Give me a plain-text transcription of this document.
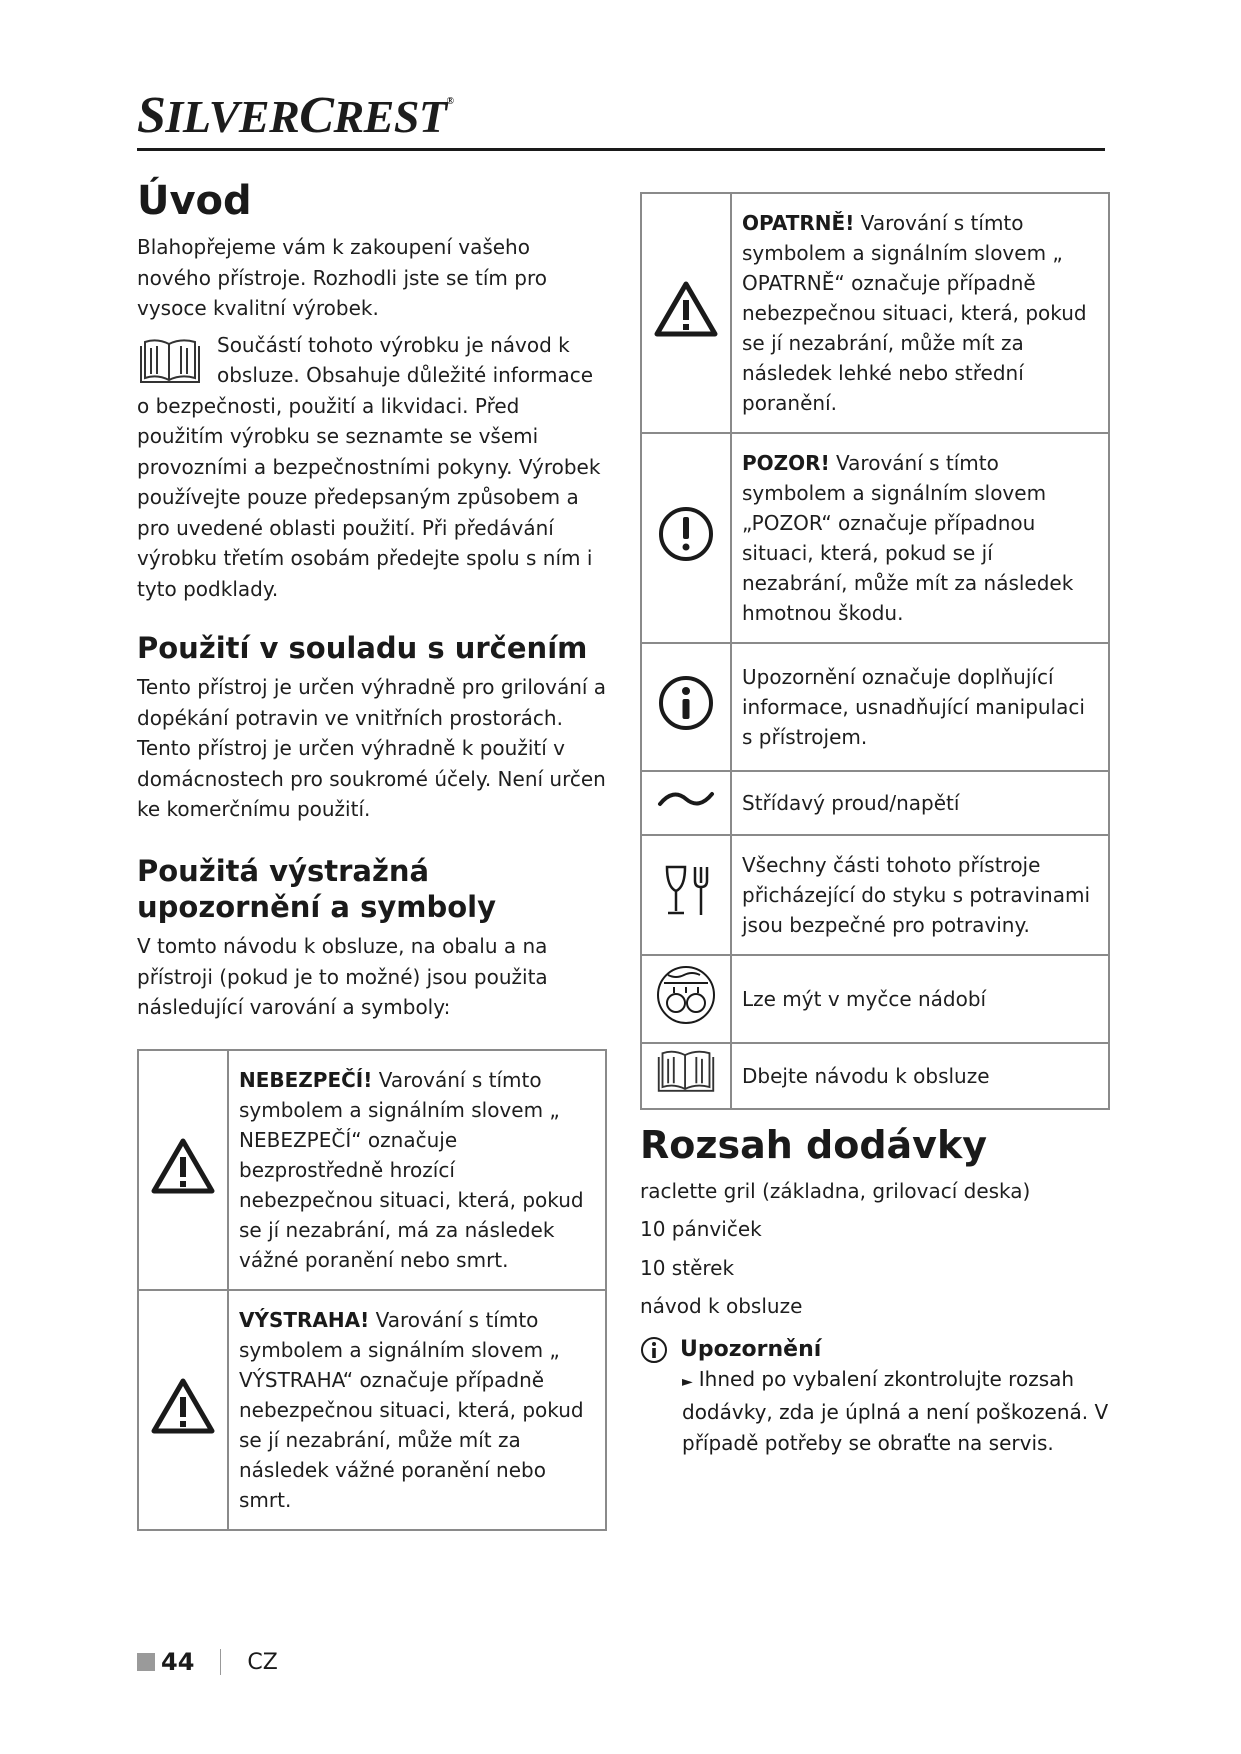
SILVERCREST®
Úvod

Blahopřejeme vám k zakoupení vašeho nového přístroje. Rozhodli jste se tím pro vysoce kvalitní výrobek.

Součástí tohoto výrobku je návod k obsluze. Obsahuje důležité informace o bezpečnosti, použití a likvidaci. Před použitím výrobku se seznamte se všemi provozními a bezpečnostními pokyny. Výrobek používejte pouze předepsaným způsobem a pro uvedené oblasti použití. Při předávání výrobku třetím osobám předejte spolu s ním i tyto podklady.

Použití v souladu s určením

Tento přístroj je určen výhradně pro grilování a dopékání potravin ve vnitřních prostorách. Tento přístroj je určen výhradně k použití v domácnostech pro soukromé účely. Není určen ke komerčnímu použití.

Použitá výstražná upozornění a symboly

V tomto návodu k obsluze, na obalu a na přístroji (pokud je to možné) jsou použita následující varování a symboly:

	NEBEZPEČÍ! Varování s tímto symbolem a signálním slovem „ NEBEZPEČÍ“ označuje bezprostředně hrozící nebezpečnou situaci, která, pokud se jí nezabrání, má za následek vážné poranění nebo smrt.
	VÝSTRAHA! Varování s tímto symbolem a signálním slovem „ VÝSTRAHA“ označuje případně nebezpečnou situaci, která, pokud se jí nezabrání, může mít za následek vážné poranění nebo smrt.
	OPATRNĚ! Varování s tímto symbolem a signálním slovem „ OPATRNĚ“ označuje případně nebezpečnou situaci, která, pokud se jí nezabrání, může mít za následek lehké nebo střední poranění.
	POZOR! Varování s tímto symbolem a signálním slovem „POZOR“ označuje případnou situaci, která, pokud se jí nezabrání, může mít za následek hmotnou škodu.
	Upozornění označuje doplňující informace, usnadňující manipulaci s přístrojem.
	Střídavý proud/napětí
	Všechny části tohoto přístroje přicházející do styku s potravinami jsou bezpečné pro potraviny.
	Lze mýt v myčce nádobí
	Dbejte návodu k obsluze
Rozsah dodávky

raclette gril (základna, grilovací deska)

10 pánviček

10 stěrek

návod k obsluze

Upozornění
► Ihned po vybalení zkontrolujte rozsah dodávky, zda je úplná a není poškozená. V případě potřeby se obraťte na servis.
44 CZ
